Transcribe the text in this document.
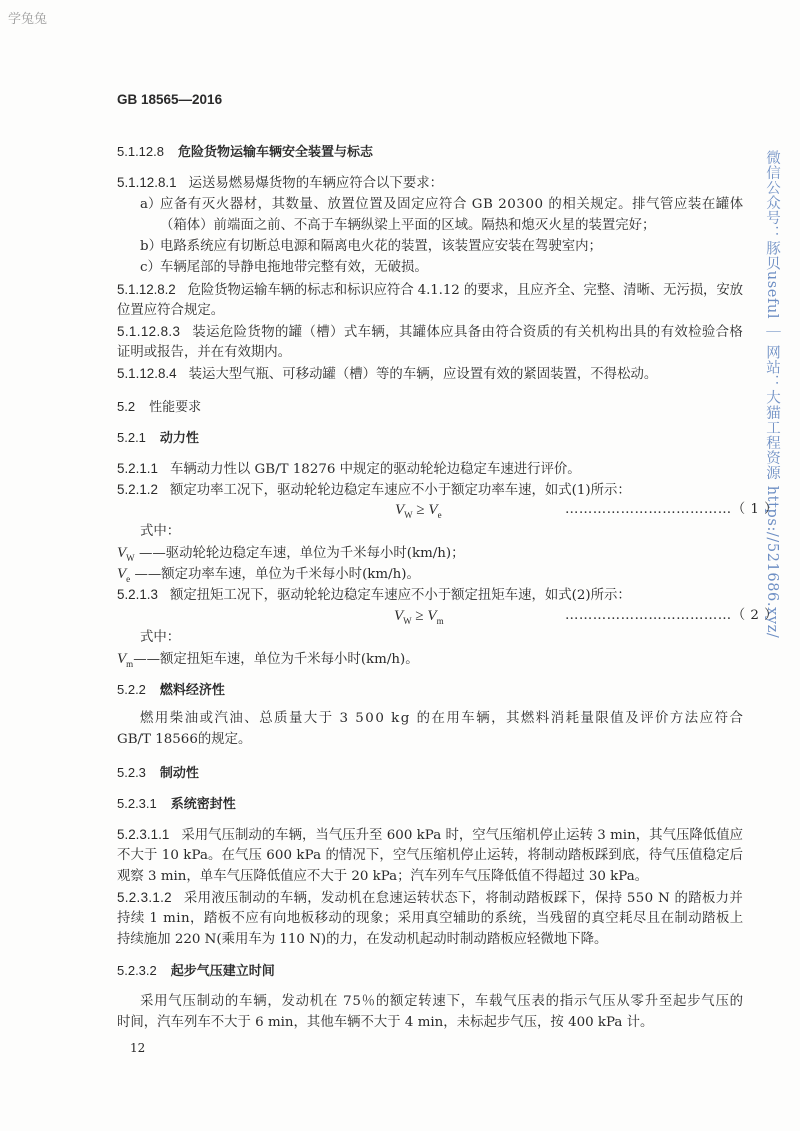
学兔兔
微信公众号：豚贝useful ｜ 网站：大猫工程资源 https://521686.xyz/
GB 18565—2016
5.1.12.8 危险货物运输车辆安全装置与标志
5.1.12.8.1 运送易燃易爆货物的车辆应符合以下要求：
a）
应备有灭火器材，其数量、放置位置及固定应符合 GB 20300 的相关规定。排气管应装在罐体
（箱体）前端面之前、不高于车辆纵梁上平面的区域。隔热和熄灭火星的装置完好；
b）
电路系统应有切断总电源和隔离电火花的装置，该装置应安装在驾驶室内；
c） 车辆尾部的导静电拖地带完整有效，无破损。
5.1.12.8.2 危险货物运输车辆的标志和标识应符合 4.1.12 的要求，且应齐全、完整、清晰、无污损，安放
位置应符合规定。
5.1.12.8.3 装运危险货物的罐（槽）式车辆，其罐体应具备由符合资质的有关机构出具的有效检验合格
证明或报告，并在有效期内。
5.1.12.8.4 装运大型气瓶、可移动罐（槽）等的车辆，应设置有效的紧固装置，不得松动。
5.2 性能要求
5.2.1 动力性
5.2.1.1 车辆动力性以 GB/T 18276 中规定的驱动轮轮边稳定车速进行评价。
5.2.1.2 额定功率工况下，驱动轮轮边稳定车速应不小于额定功率车速，如式(1)所示：
$V_W \ge V_e$	………………………………（ 1 ）
式中：
$V_W$ ——驱动轮轮边稳定车速，单位为千米每小时(km/h)；
$V_e$ ——额定功率车速，单位为千米每小时(km/h)。
5.2.1.3 额定扭矩工况下，驱动轮轮边稳定车速应不小于额定扭矩车速，如式(2)所示：
$V_W \ge V_m$	………………………………（ 2 ）
式中：
$V_m——$额定扭矩车速，单位为千米每小时(km/h)。
5.2.2 燃料经济性
燃用柴油或汽油、总质量大于 3 500 kg 的在用车辆，其燃料消耗量限值及评价方法应符合
GB/T 18566的规定。
5.2.3 制动性
5.2.3.1 系统密封性
5.2.3.1.1 采用气压制动的车辆，当气压升至 600 kPa 时，空气压缩机停止运转 3 min，其气压降低值应
不大于 10 kPa。在气压 600 kPa 的情况下，空气压缩机停止运转，将制动踏板踩到底，待气压值稳定后
观察 3 min，单车气压降低值应不大于 20 kPa；汽车列车气压降低值不得超过 30 kPa。
5.2.3.1.2 采用液压制动的车辆，发动机在怠速运转状态下，将制动踏板踩下，保持 550 N 的踏板力并
持续 1 min，踏板不应有向地板移动的现象；采用真空辅助的系统，当残留的真空耗尽且在制动踏板上
持续施加 220 N(乘用车为 110 N)的力，在发动机起动时制动踏板应轻微地下降。
5.2.3.2 起步气压建立时间
采用气压制动的车辆，发动机在 75％的额定转速下，车载气压表的指示气压从零升至起步气压的
时间，汽车列车不大于 6 min，其他车辆不大于 4 min，未标起步气压，按 400 kPa 计。
12
